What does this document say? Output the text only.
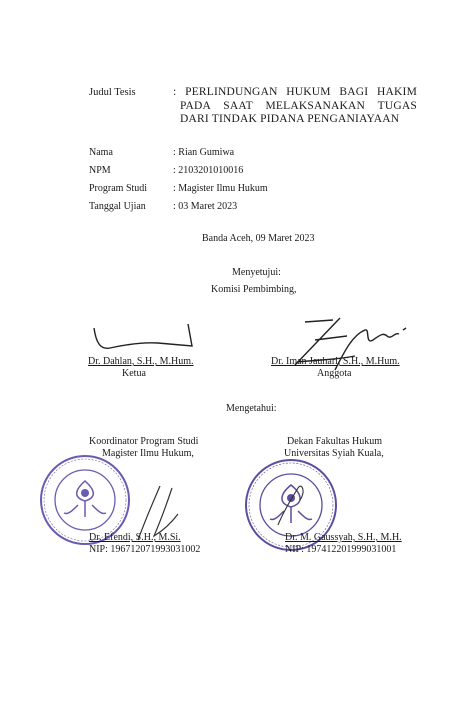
Judul Tesis	: PERLINDUNGAN HUKUM BAGI HAKIM
PADA SAAT MELAKSANAKAN TUGAS
DARI TINDAK PIDANA PENGANIAYAAN
Nama	: Rian Gumiwa
NPM	: 2103201010016
Program Studi	: Magister Ilmu Hukum
Tanggal Ujian	: 03 Maret 2023
Banda Aceh, 09 Maret 2023
Menyetujui:
Komisi Pembimbing,
Dr. Dahlan, S.H., M.Hum.
Ketua
Dr. Iman Jauhari, S.H., M.Hum.
Anggota
Mengetahui:
Koordinator Program Studi
Magister Ilmu Hukum,
Dekan Fakultas Hukum
Universitas Syiah Kuala,
Dr. Efendi, S.H., M.Si.
NIP: 196712071993031002
Dr. M. Gaussyah, S.H., M.H.
NIP: 197412201999031001
